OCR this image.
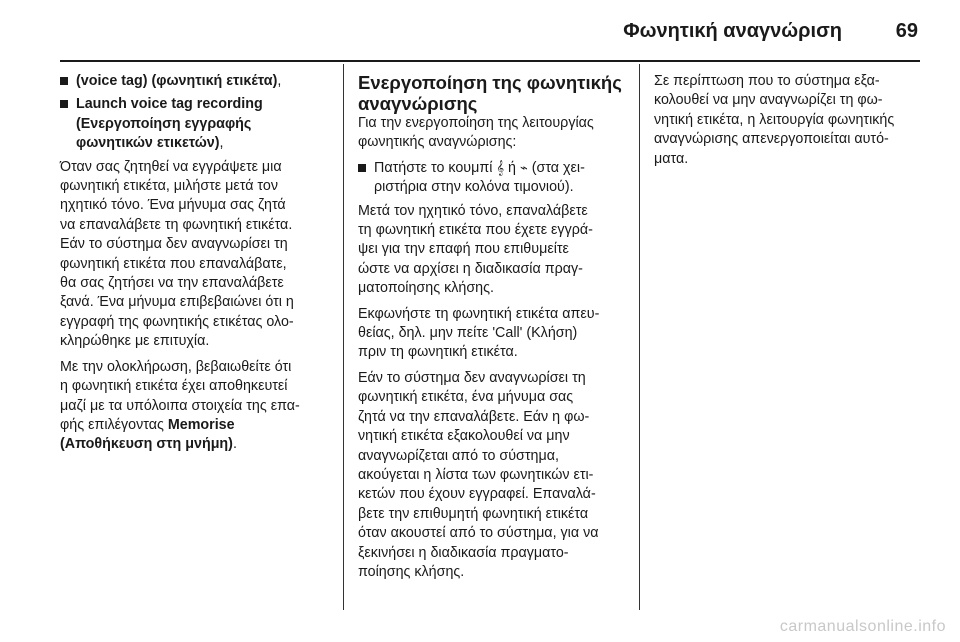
Φωνητική αναγνώριση	69
(voice tag) (φωνητική ετικέτα),
Launch voice tag recording
(Ενεργοποίηση εγγραφής
φωνητικών ετικετών),

Όταν σας ζητηθεί να εγγράψετε μια
φωνητική ετικέτα, μιλήστε μετά τον
ηχητικό τόνο. Ένα μήνυμα σας ζητά
να επαναλάβετε τη φωνητική ετικέτα.
Εάν το σύστημα δεν αναγνωρίσει τη
φωνητική ετικέτα που επαναλάβατε,
θα σας ζητήσει να την επαναλάβετε
ξανά. Ένα μήνυμα επιβεβαιώνει ότι η
εγγραφή της φωνητικής ετικέτας ολο-
κληρώθηκε με επιτυχία.

Με την ολοκλήρωση, βεβαιωθείτε ότι
η φωνητική ετικέτα έχει αποθηκευτεί
μαζί με τα υπόλοιπα στοιχεία της επα-
φής επιλέγοντας Memorise
(Αποθήκευση στη μνήμη).

Ενεργοποίηση της φωνητικής
αναγνώρισης

Για την ενεργοποίηση της λειτουργίας
φωνητικής αναγνώρισης:

Πατήστε το κουμπί 𝄞 ή ⌁ (στα χει-
ριστήρια στην κολόνα τιμονιού).

Μετά τον ηχητικό τόνο, επαναλάβετε
τη φωνητική ετικέτα που έχετε εγγρά-
ψει για την επαφή που επιθυμείτε
ώστε να αρχίσει η διαδικασία πραγ-
ματοποίησης κλήσης.

Εκφωνήστε τη φωνητική ετικέτα απευ-
θείας, δηλ. μην πείτε 'Call' (Κλήση)
πριν τη φωνητική ετικέτα.

Εάν το σύστημα δεν αναγνωρίσει τη
φωνητική ετικέτα, ένα μήνυμα σας
ζητά να την επαναλάβετε. Εάν η φω-
νητική ετικέτα εξακολουθεί να μην
αναγνωρίζεται από το σύστημα,
ακούγεται η λίστα των φωνητικών ετι-
κετών που έχουν εγγραφεί. Επαναλά-
βετε την επιθυμητή φωνητική ετικέτα
όταν ακουστεί από το σύστημα, για να
ξεκινήσει η διαδικασία πραγματο-
ποίησης κλήσης.

Σε περίπτωση που το σύστημα εξα-
κολουθεί να μην αναγνωρίζει τη φω-
νητική ετικέτα, η λειτουργία φωνητικής
αναγνώρισης απενεργοποιείται αυτό-
ματα.

carmanualsonline.info
